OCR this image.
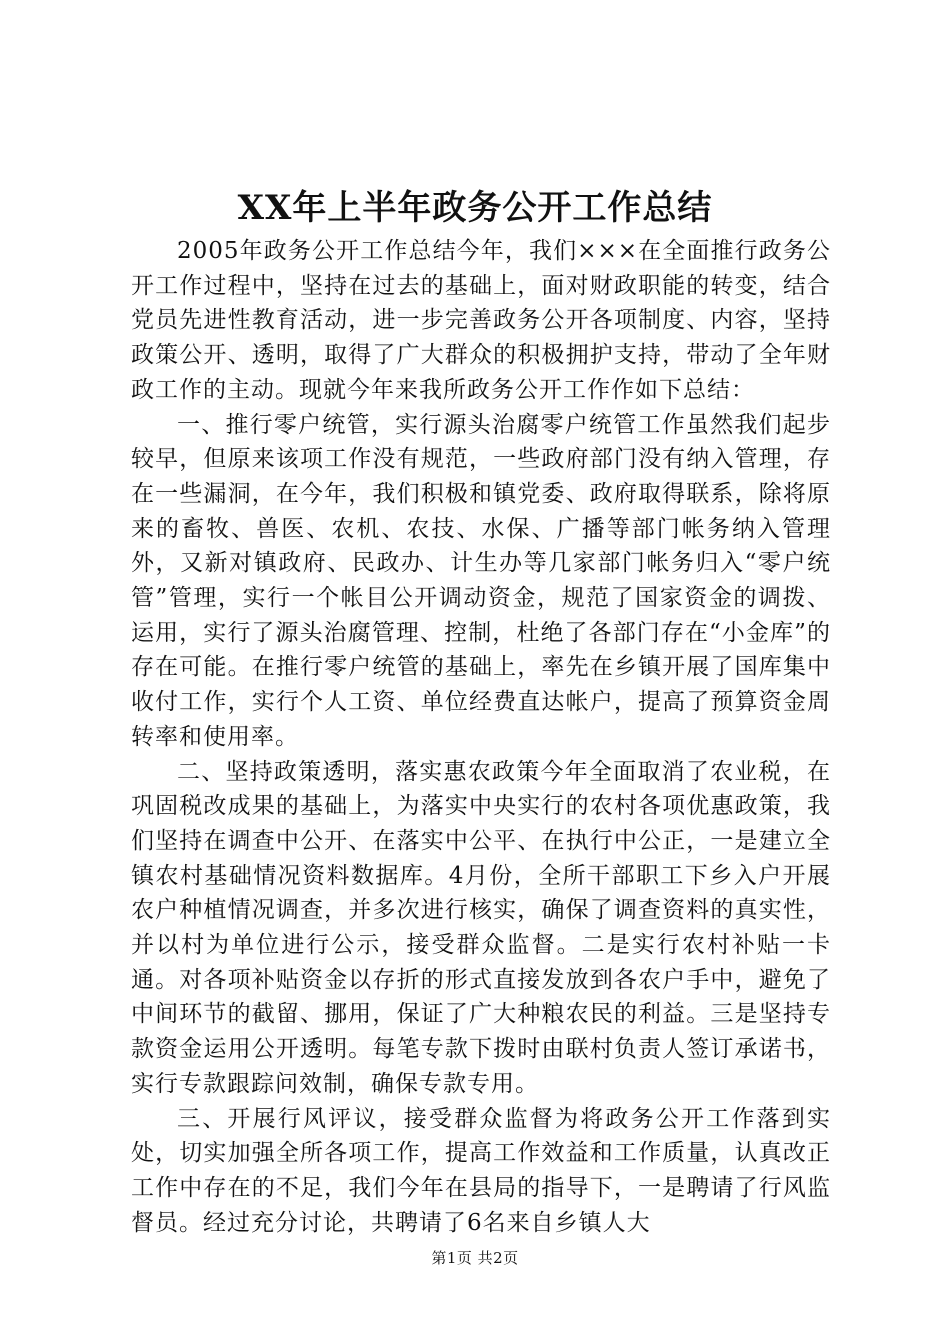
XX年上半年政务公开工作总结

2005年政务公开工作总结今年，我们×××在全面推行政务公开工作过程中，坚持在过去的基础上，面对财政职能的转变，结合党员先进性教育活动，进一步完善政务公开各项制度、内容，坚持政策公开、透明，取得了广大群众的积极拥护支持，带动了全年财政工作的主动。现就今年来我所政务公开工作作如下总结：

一、推行零户统管，实行源头治腐零户统管工作虽然我们起步较早，但原来该项工作没有规范，一些政府部门没有纳入管理，存在一些漏洞，在今年，我们积极和镇党委、政府取得联系，除将原来的畜牧、兽医、农机、农技、水保、广播等部门帐务纳入管理外，又新对镇政府、民政办、计生办等几家部门帐务归入“零户统管”管理，实行一个帐目公开调动资金，规范了国家资金的调拨、运用，实行了源头治腐管理、控制，杜绝了各部门存在“小金库”的存在可能。在推行零户统管的基础上，率先在乡镇开展了国库集中收付工作，实行个人工资、单位经费直达帐户，提高了预算资金周转率和使用率。

二、坚持政策透明，落实惠农政策今年全面取消了农业税，在巩固税改成果的基础上，为落实中央实行的农村各项优惠政策，我们坚持在调查中公开、在落实中公平、在执行中公正，一是建立全镇农村基础情况资料数据库。4月份，全所干部职工下乡入户开展农户种植情况调查，并多次进行核实，确保了调查资料的真实性，并以村为单位进行公示，接受群众监督。二是实行农村补贴一卡通。对各项补贴资金以存折的形式直接发放到各农户手中，避免了中间环节的截留、挪用，保证了广大种粮农民的利益。三是坚持专款资金运用公开透明。每笔专款下拨时由联村负责人签订承诺书，实行专款跟踪问效制，确保专款专用。

三、开展行风评议，接受群众监督为将政务公开工作落到实处，切实加强全所各项工作，提高工作效益和工作质量，认真改正工作中存在的不足，我们今年在县局的指导下，一是聘请了行风监督员。经过充分讨论，共聘请了6名来自乡镇人大

第1页 共2页
